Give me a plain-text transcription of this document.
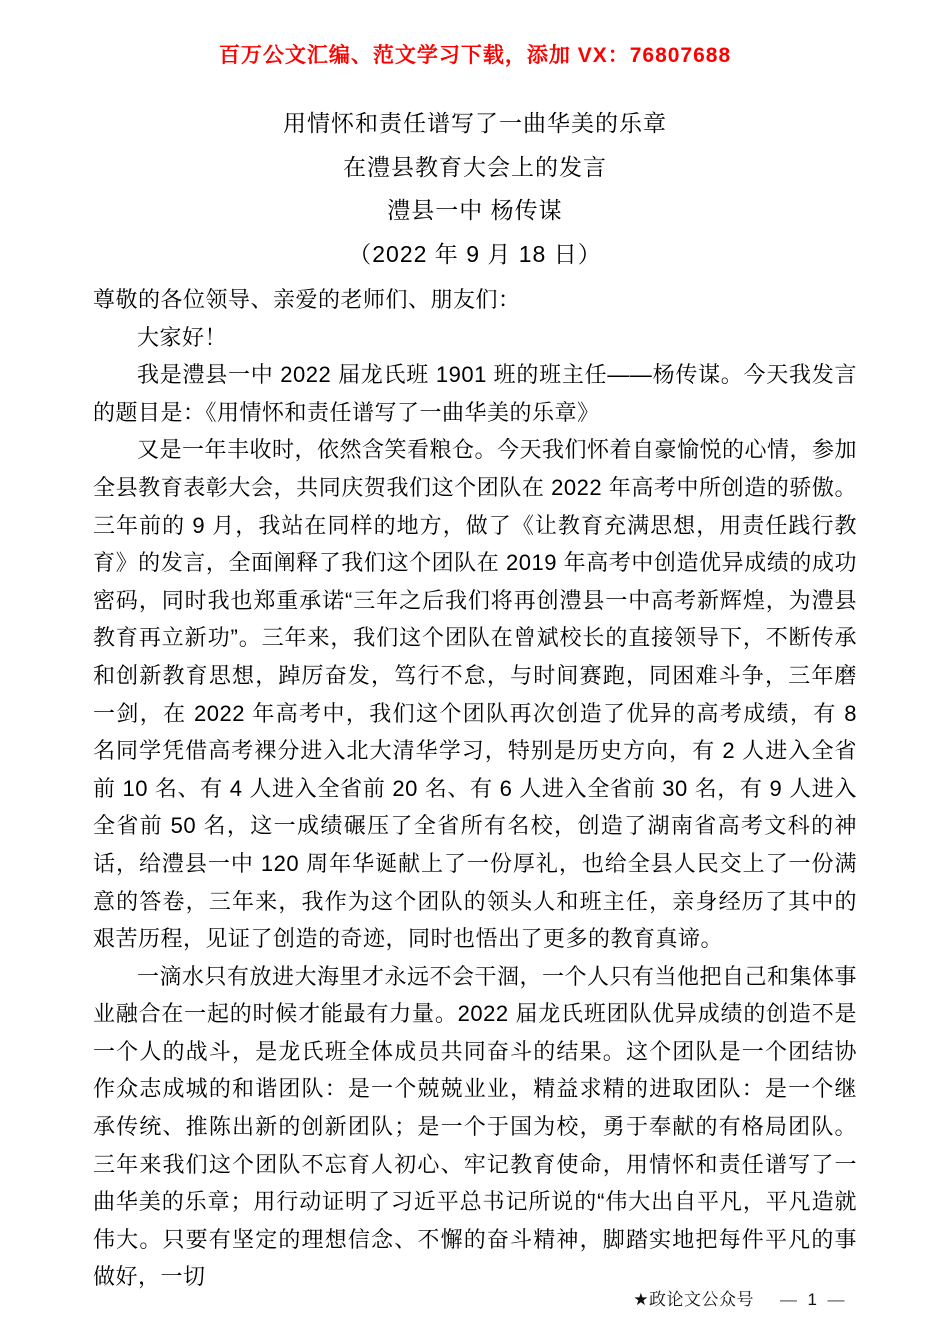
百万公文汇编、范文学习下载，添加 VX：76807688
用情怀和责任谱写了一曲华美的乐章
在澧县教育大会上的发言
澧县一中 杨传谋
（2022 年 9 月 18 日）

尊敬的各位领导、亲爱的老师们、朋友们：

大家好！

我是澧县一中 2022 届龙氏班 1901 班的班主任——杨传谋。今天我发言的题目是：《用情怀和责任谱写了一曲华美的乐章》

又是一年丰收时，依然含笑看粮仓。今天我们怀着自豪愉悦的心情，参加全县教育表彰大会，共同庆贺我们这个团队在 2022 年高考中所创造的骄傲。三年前的 9 月，我站在同样的地方，做了《让教育充满思想，用责任践行教育》的发言，全面阐释了我们这个团队在 2019 年高考中创造优异成绩的成功密码，同时我也郑重承诺“三年之后我们将再创澧县一中高考新辉煌，为澧县教育再立新功”。三年来，我们这个团队在曾斌校长的直接领导下，不断传承和创新教育思想，踔厉奋发，笃行不怠，与时间赛跑，同困难斗争，三年磨一剑，在 2022 年高考中，我们这个团队再次创造了优异的高考成绩，有 8 名同学凭借高考裸分进入北大清华学习，特别是历史方向，有 2 人进入全省前 10 名、有 4 人进入全省前 20 名、有 6 人进入全省前 30 名，有 9 人进入全省前 50 名，这一成绩碾压了全省所有名校，创造了湖南省高考文科的神话，给澧县一中 120 周年华诞献上了一份厚礼，也给全县人民交上了一份满意的答卷，三年来，我作为这个团队的领头人和班主任，亲身经历了其中的艰苦历程，见证了创造的奇迹，同时也悟出了更多的教育真谛。

一滴水只有放进大海里才永远不会干涸，一个人只有当他把自己和集体事业融合在一起的时候才能最有力量。2022 届龙氏班团队优异成绩的创造不是一个人的战斗，是龙氏班全体成员共同奋斗的结果。这个团队是一个团结协作众志成城的和谐团队：是一个兢兢业业，精益求精的进取团队：是一个继承传统、推陈出新的创新团队；是一个于国为校，勇于奉献的有格局团队。三年来我们这个团队不忘育人初心、牢记教育使命，用情怀和责任谱写了一曲华美的乐章；用行动证明了习近平总书记所说的“伟大出自平凡，平凡造就伟大。只要有坚定的理想信念、不懈的奋斗精神，脚踏实地把每件平凡的事做好，一切

★政论文公众号 — 1 —
